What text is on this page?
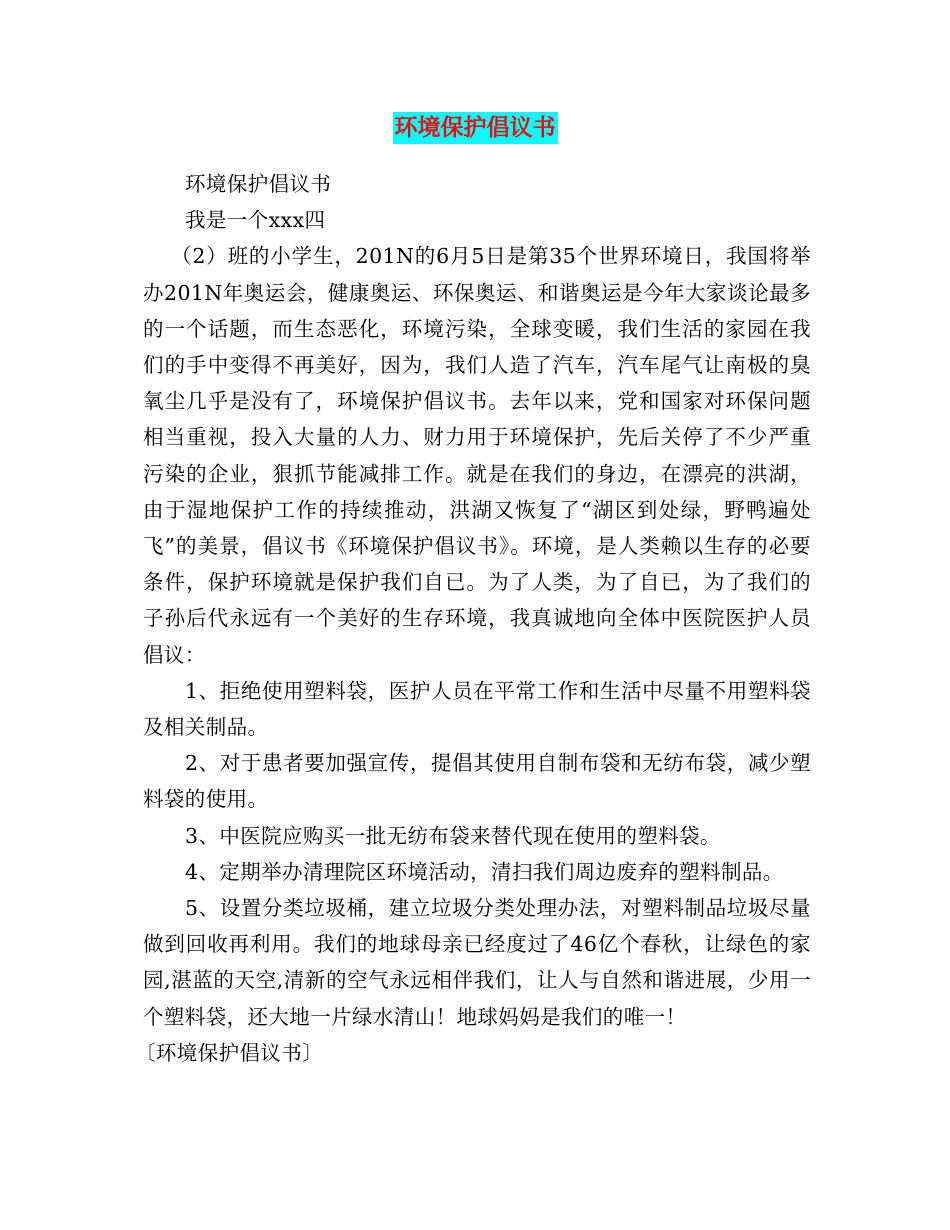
环境保护倡议书

环境保护倡议书

我是一个xxx四

（2）班的小学生，201N的6月5日是第35个世界环境日，我国将举办201N年奥运会，健康奥运、环保奥运、和谐奥运是今年大家谈论最多的一个话题，而生态恶化，环境污染，全球变暖，我们生活的家园在我们的手中变得不再美好，因为，我们人造了汽车，汽车尾气让南极的臭氧尘几乎是没有了，环境保护倡议书。去年以来，党和国家对环保问题相当重视，投入大量的人力、财力用于环境保护，先后关停了不少严重污染的企业，狠抓节能减排工作。就是在我们的身边，在漂亮的洪湖，由于湿地保护工作的持续推动，洪湖又恢复了“湖区到处绿，野鸭遍处飞”的美景，倡议书《环境保护倡议书》。环境，是人类赖以生存的必要条件，保护环境就是保护我们自已。为了人类，为了自已，为了我们的子孙后代永远有一个美好的生存环境，我真诚地向全体中医院医护人员倡议：

1、拒绝使用塑料袋，医护人员在平常工作和生活中尽量不用塑料袋及相关制品。

2、对于患者要加强宣传，提倡其使用自制布袋和无纺布袋，减少塑料袋的使用。

3、中医院应购买一批无纺布袋来替代现在使用的塑料袋。

4、定期举办清理院区环境活动，清扫我们周边废弃的塑料制品。

5、设置分类垃圾桶，建立垃圾分类处理办法，对塑料制品垃圾尽量做到回收再利用。我们的地球母亲已经度过了46亿个春秋，让绿色的家园,湛蓝的天空,清新的空气永远相伴我们，让人与自然和谐进展，少用一个塑料袋，还大地一片绿水清山！地球妈妈是我们的唯一！

〔环境保护倡议书〕
